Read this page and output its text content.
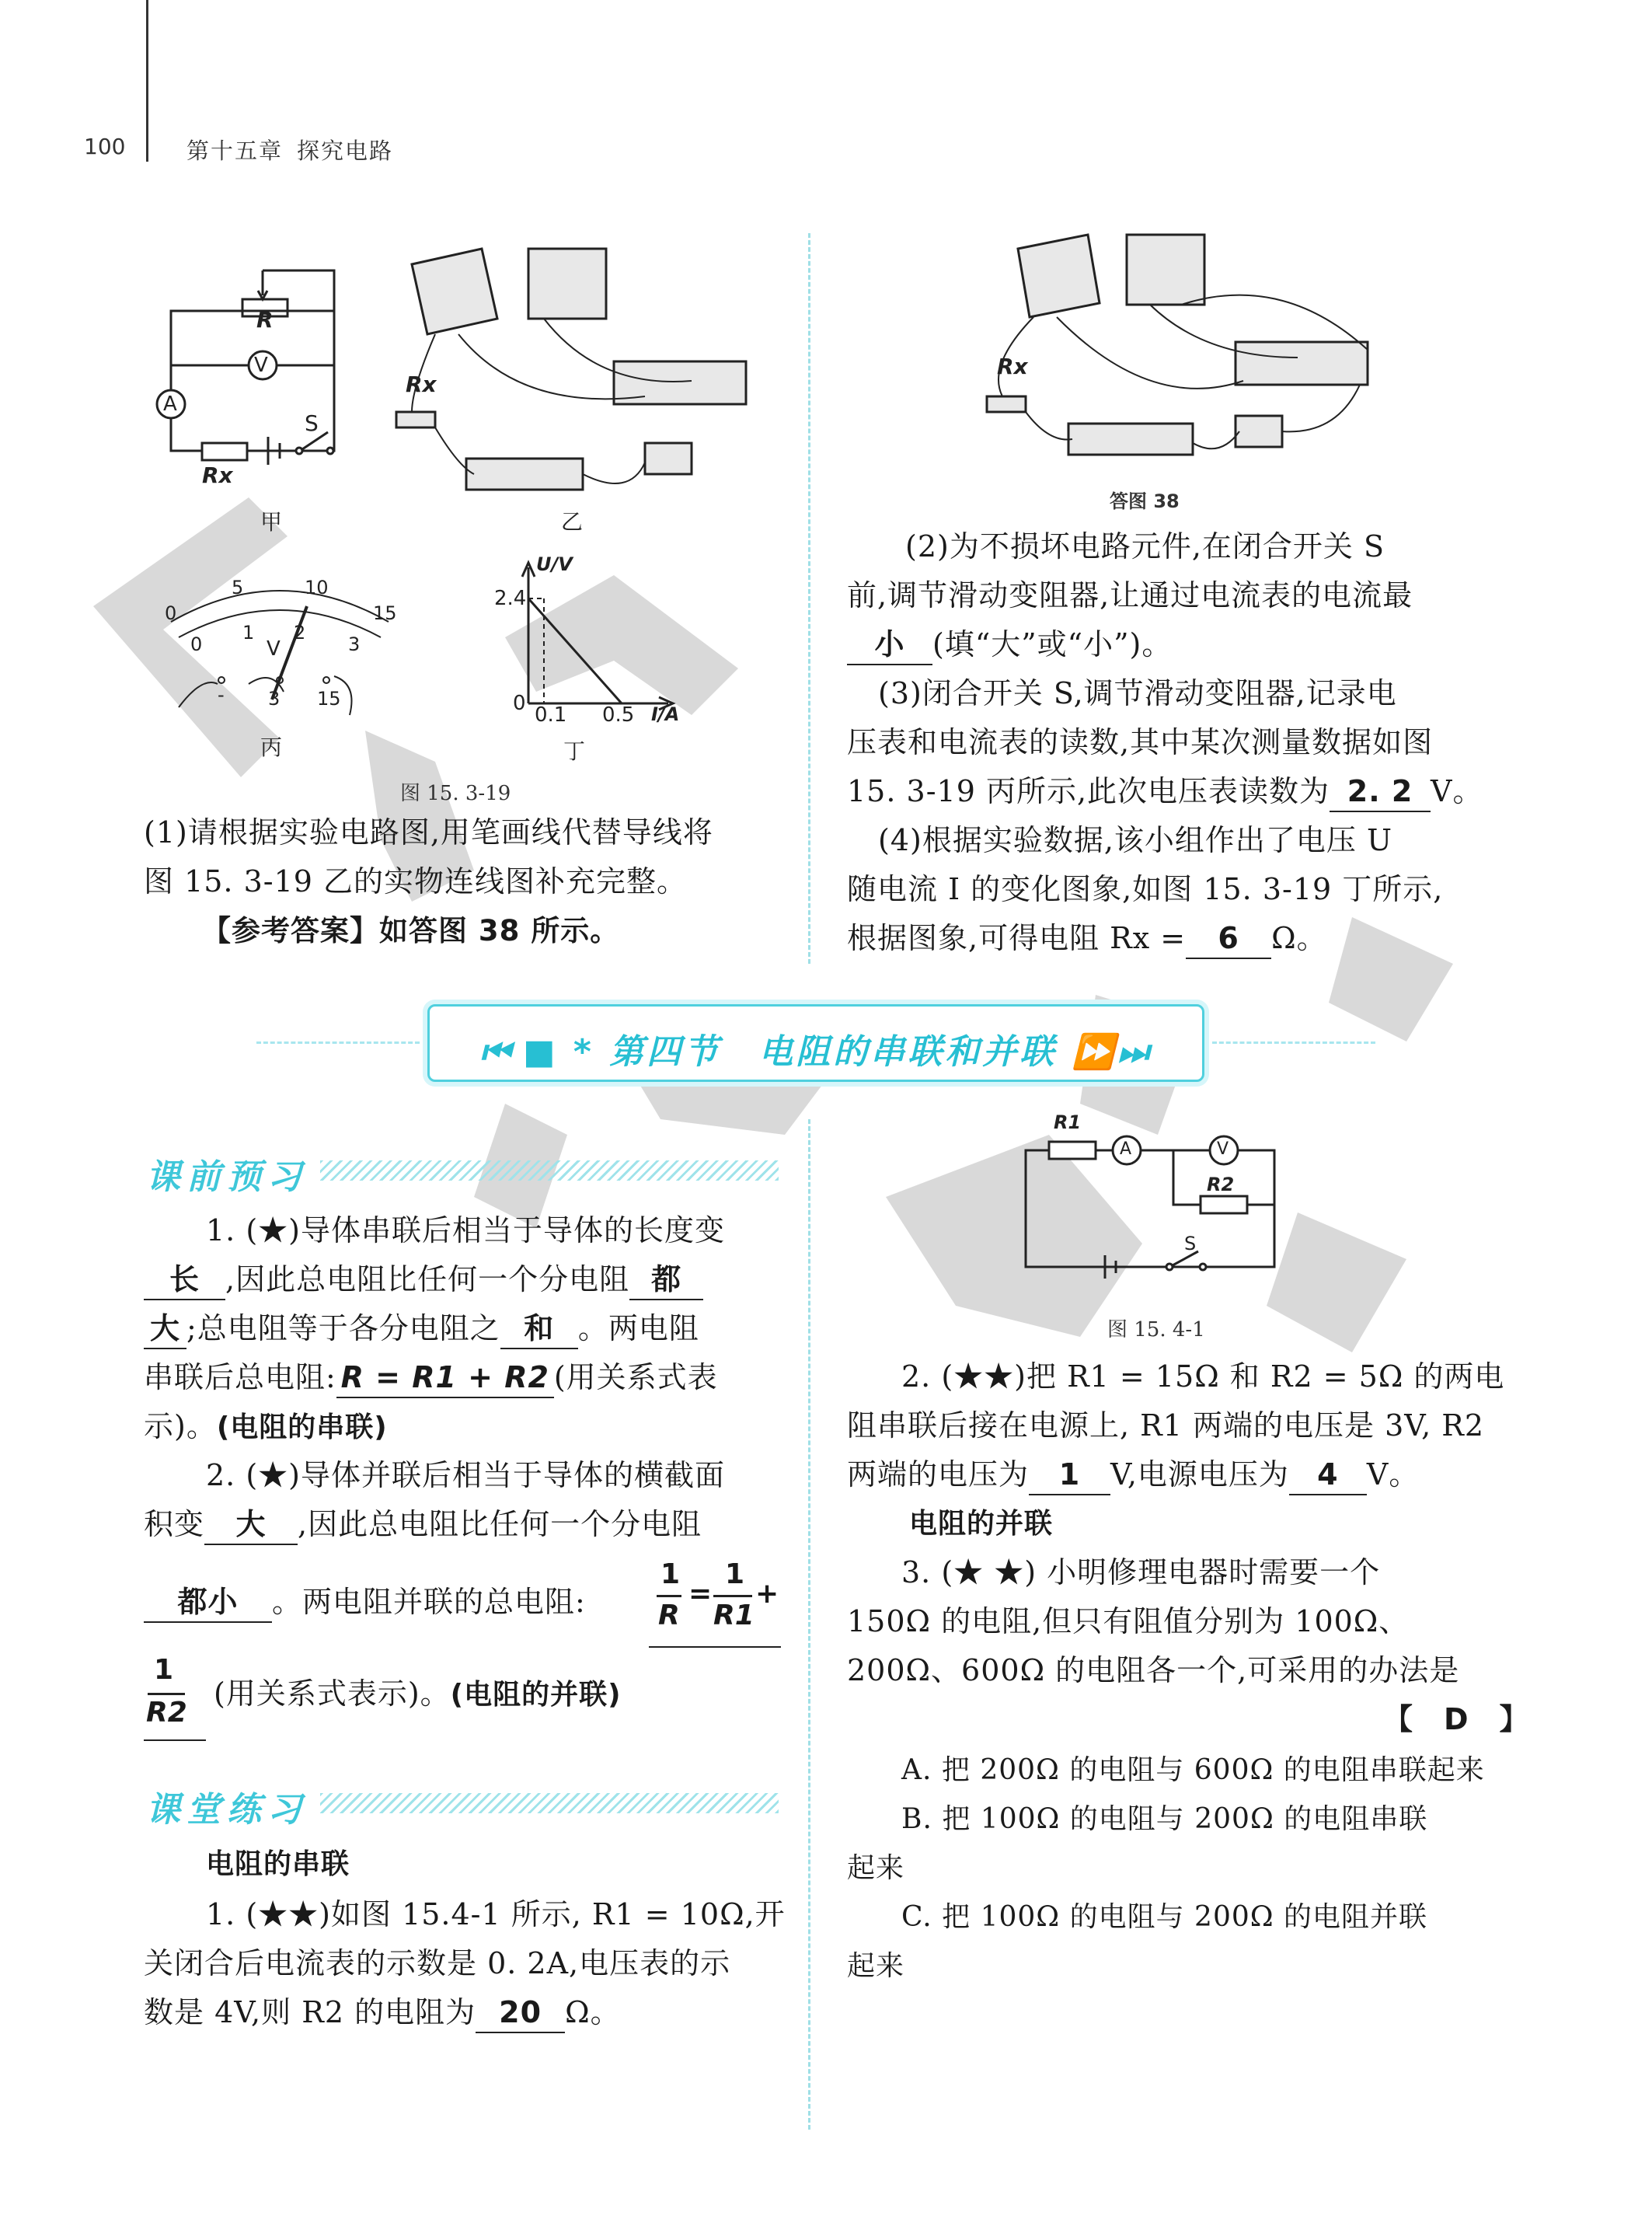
100	第十五章 探究电路
R
V
A
Rx
S
甲
Rx
乙
0
5	10
15
0
1 2
3
V
- 3 15
丙
U/V
2.4
0 0.1 0.5 I/A
丁
图 15. 3-19
(1)请根据实验电路图,用笔画线代替导线将
图 15. 3-19 乙的实物连线图补充完整。
【参考答案】如答图 38 所示。
Rx
答图 38
(2)为不损坏电路元件,在闭合开关 S
前,调节滑动变阻器,让通过电流表的电流最
小 (填“大”或“小”)。
(3)闭合开关 S,调节滑动变阻器,记录电
压表和电流表的读数,其中某次测量数据如图
15. 3-19 丙所示,此次电压表读数为 2. 2 V。
(4)根据实验数据,该小组作出了电压 U
随电流 I 的变化图象,如图 15. 3-19 丁所示,
根据图象,可得电阻 Rx = 6 Ω。
⏮ ■ * 第四节　电阻的串联和并联 ⏩⏭
课前预习
1. (★)导体串联后相当于导体的长度变
长 ,因此总电阻比任何一个分电阻 都
大 ;总电阻等于各分电阻之 和 。两电阻
串联后总电阻: R = R1 + R2 (用关系式表
示)。(电阻的串联)
2. (★)导体并联后相当于导体的横截面
积变 大 ,因此总电阻比任何一个分电阻
都小 。两电阻并联的总电阻:
1
R
=
1
R1
+
1
R2
(用关系式表示)。(电阻的并联)
课堂练习
电阻的串联
1. (★★)如图 15.4-1 所示, R1 = 10Ω,开
关闭合后电流表的示数是 0. 2A,电压表的示
数是 4V,则 R2 的电阻为 20 Ω。
R1
A	V
R2
S
图 15. 4-1
2. (★★)把 R1 = 15Ω 和 R2 = 5Ω 的两电
阻串联后接在电源上, R1 两端的电压是 3V, R2
两端的电压为 1 V,电源电压为 4 V。
电阻的并联
3. (★ ★) 小明修理电器时需要一个
150Ω 的电阻,但只有阻值分别为 100Ω、
200Ω、600Ω 的电阻各一个,可采用的办法是
【　D　】
A. 把 200Ω 的电阻与 600Ω 的电阻串联起来
B. 把 100Ω 的电阻与 200Ω 的电阻串联
起来
C. 把 100Ω 的电阻与 200Ω 的电阻并联
起来
